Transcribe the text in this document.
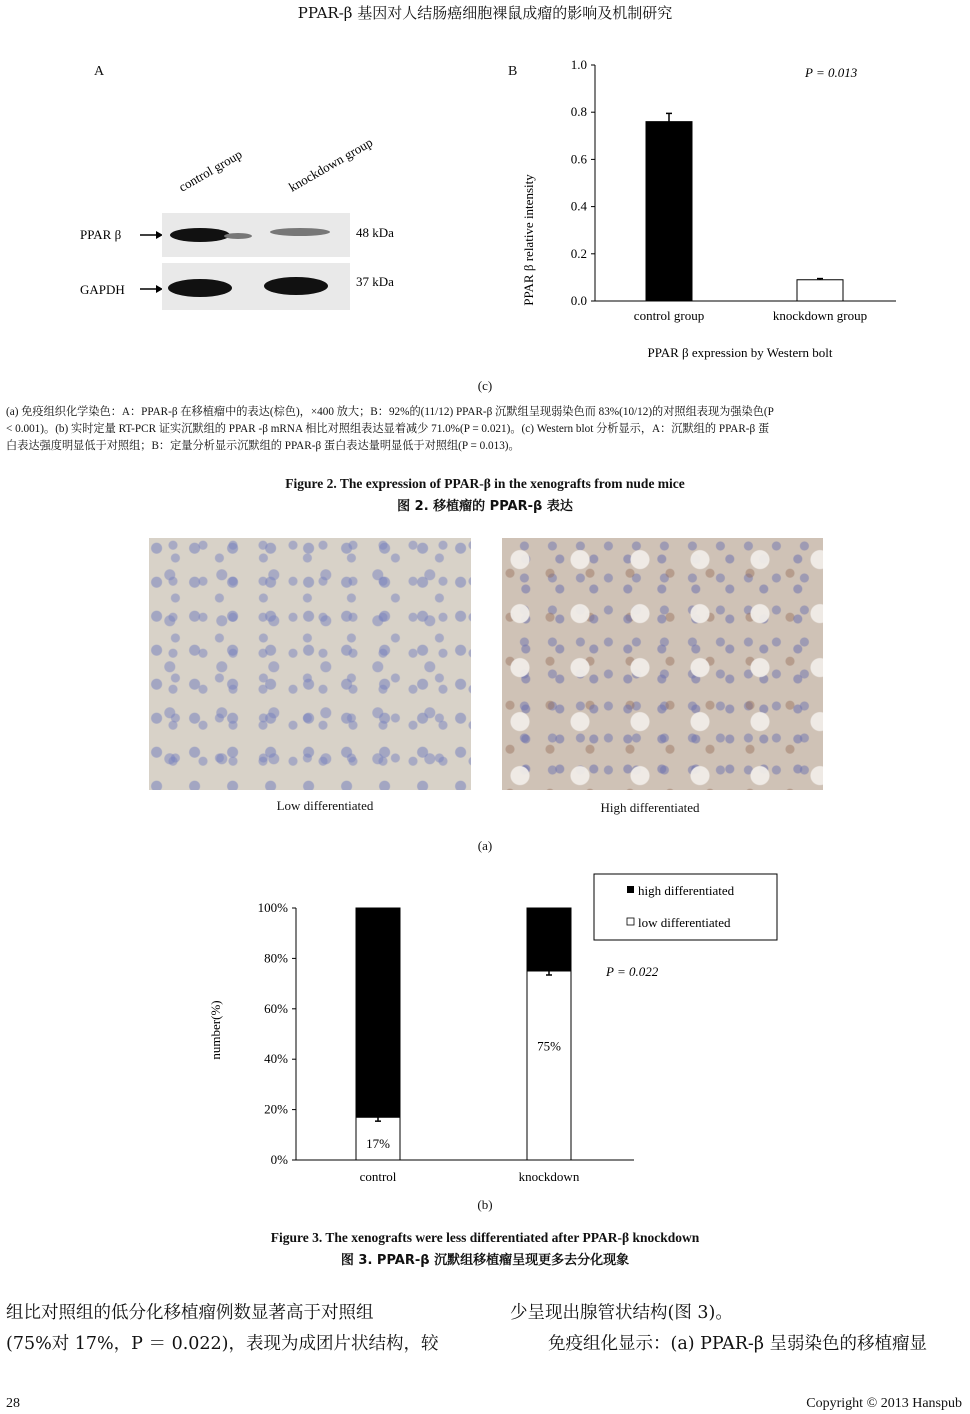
PPAR-β 基因对人结肠癌细胞裸鼠成瘤的影响及机制研究
A	B
control group	knockdown group
PPAR β	48 kDa
GAPDH
37 kDa	PPAR β relative intensity	0.0
0.2
0.4
0.6
0.8
1.0
control group	knockdown group
P = 0.013
PPAR β expression by Western bolt
(c)
(a) 免疫组织化学染色：A：PPAR-β 在移植瘤中的表达(棕色)，×400 放大；B：92%的(11/12) PPAR-β 沉默组呈现弱染色而 83%(10/12)的对照组表现为强染色(P
< 0.001)。(b) 实时定量 RT-PCR 证实沉默组的 PPAR -β mRNA 相比对照组表达显着减少 71.0%(P = 0.021)。(c) Western blot 分析显示，A：沉默组的 PPAR-β 蛋
白表达强度明显低于对照组；B：定量分析显示沉默组的 PPAR-β 蛋白表达量明显低于对照组(P = 0.013)。
Figure 2. The expression of PPAR-β in the xenografts from nude mice
图 2. 移植瘤的 PPAR-β 表达
Low differentiated	High differentiated
(a)
number(%)
0%
20%
40%
60%
80%
100%
17%
control
75%
knockdown
high differentiated
low differentiated
P = 0.022
(b)
Figure 3. The xenografts were less differentiated after PPAR-β knockdown
图 3. PPAR-β 沉默组移植瘤呈现更多去分化现象
组比对照组的低分化移植瘤例数显著高于对照组
(75%对 17%，P ＝ 0.022)，表现为成团片状结构，较
少呈现出腺管状结构(图 3)。
免疫组化显示：(a) PPAR-β 呈弱染色的移植瘤显
28	Copyright © 2013 Hanspub
